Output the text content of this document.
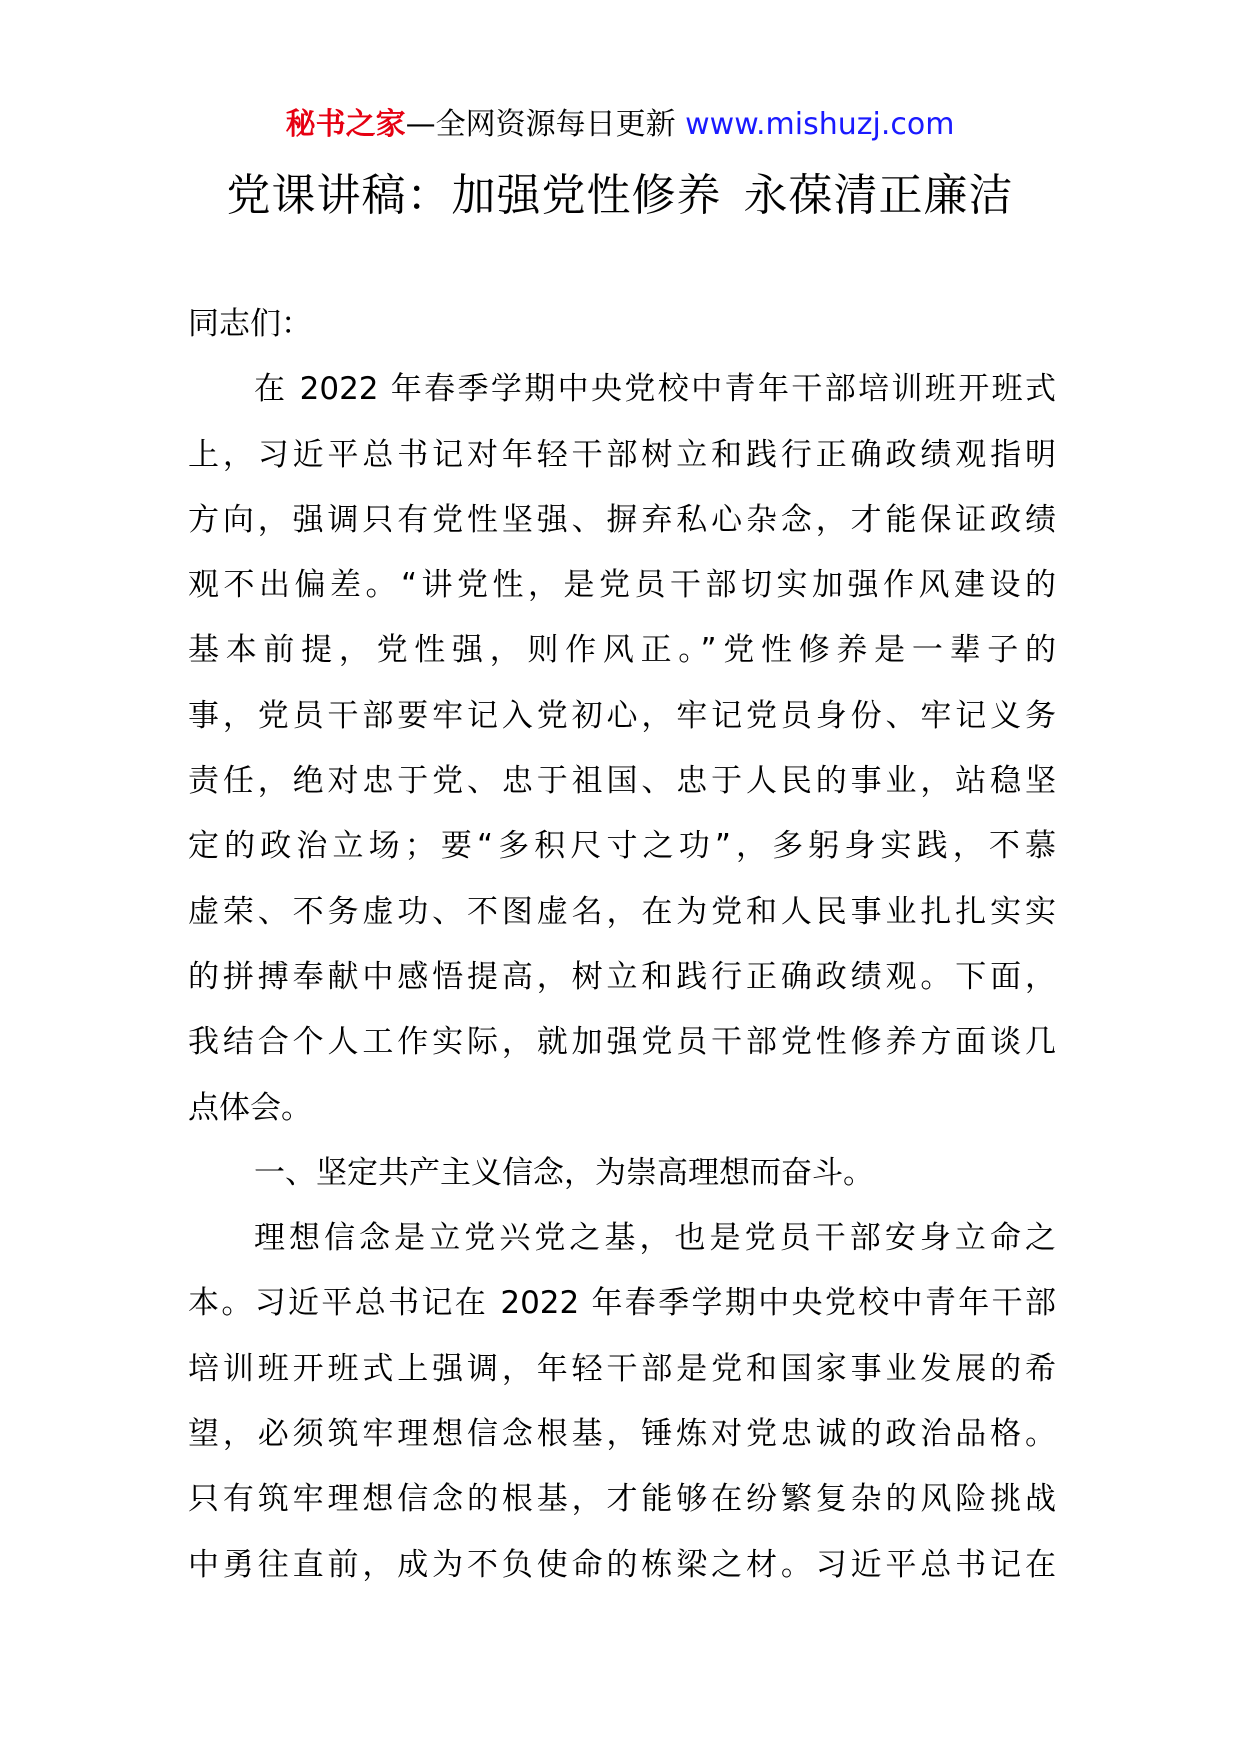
秘书之家—全网资源每日更新 www.mishuzj.com
党课讲稿：加强党性修养 永葆清正廉洁
同志们：
在 2022 年春季学期中央党校中青年干部培训班开班式
上，习近平总书记对年轻干部树立和践行正确政绩观指明
方向，强调只有党性坚强、摒弃私心杂念，才能保证政绩
观不出偏差。“讲党性，是党员干部切实加强作风建设的
基本前提，党性强，则作风正。”党性修养是一辈子的
事，党员干部要牢记入党初心，牢记党员身份、牢记义务
责任，绝对忠于党、忠于祖国、忠于人民的事业，站稳坚
定的政治立场；要“多积尺寸之功”，多躬身实践，不慕
虚荣、不务虚功、不图虚名，在为党和人民事业扎扎实实
的拼搏奉献中感悟提高，树立和践行正确政绩观。下面，
我结合个人工作实际，就加强党员干部党性修养方面谈几
点体会。
一、坚定共产主义信念，为崇高理想而奋斗。
理想信念是立党兴党之基，也是党员干部安身立命之
本。习近平总书记在 2022 年春季学期中央党校中青年干部
培训班开班式上强调，年轻干部是党和国家事业发展的希
望，必须筑牢理想信念根基，锤炼对党忠诚的政治品格。
只有筑牢理想信念的根基，才能够在纷繁复杂的风险挑战
中勇往直前，成为不负使命的栋梁之材。习近平总书记在
